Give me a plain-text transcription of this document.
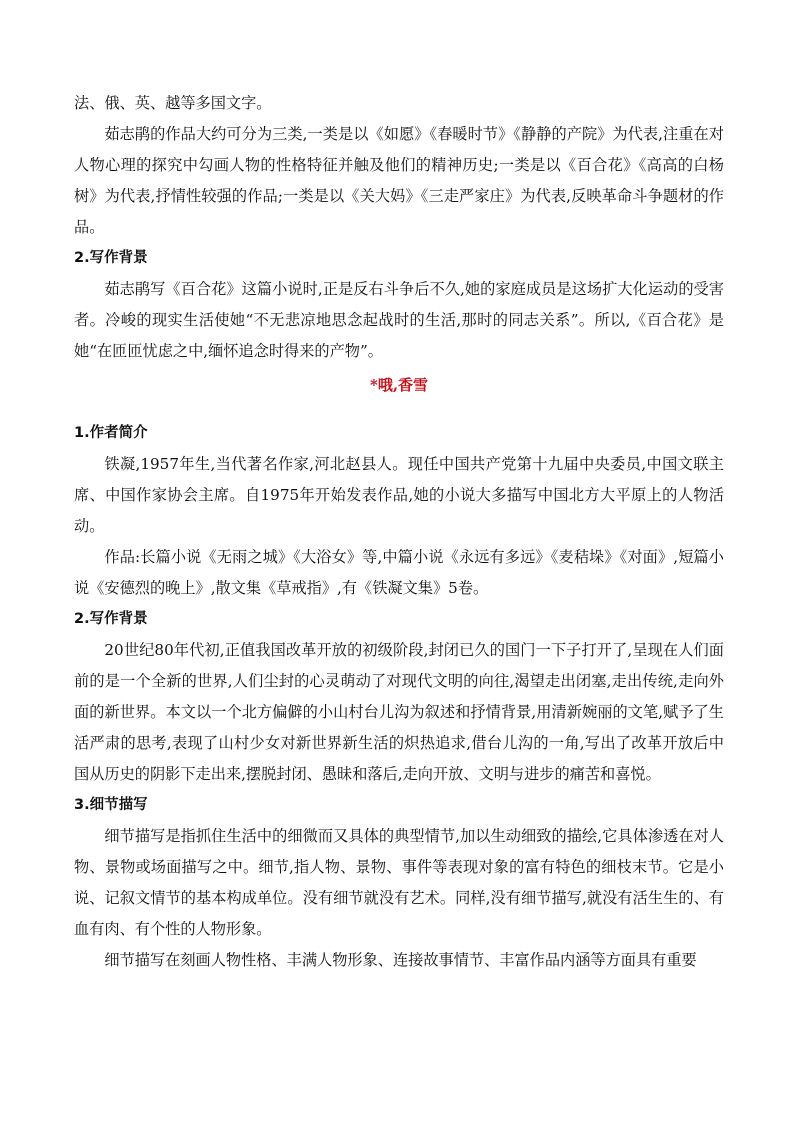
法、俄、英、越等多国文字。

茹志鹃的作品大约可分为三类,一类是以《如愿》《春暖时节》《静静的产院》为代表,注重在对人物心理的探究中勾画人物的性格特征并触及他们的精神历史;一类是以《百合花》《高高的白杨树》为代表,抒情性较强的作品;一类是以《关大妈》《三走严家庄》为代表,反映革命斗争题材的作品。

2.写作背景

茹志鹃写《百合花》这篇小说时,正是反右斗争后不久,她的家庭成员是这场扩大化运动的受害者。冷峻的现实生活使她“不无悲凉地思念起战时的生活,那时的同志关系”。所以,《百合花》是她“在匝匝忧虑之中,缅怀追念时得来的产物”。

*哦,香雪
1.作者简介

铁凝,1957年生,当代著名作家,河北赵县人。现任中国共产党第十九届中央委员,中国文联主席、中国作家协会主席。自1975年开始发表作品,她的小说大多描写中国北方大平原上的人物活动。

作品:长篇小说《无雨之城》《大浴女》等,中篇小说《永远有多远》《麦秸垛》《对面》,短篇小说《安德烈的晚上》,散文集《草戒指》,有《铁凝文集》5卷。

2.写作背景

20世纪80年代初,正值我国改革开放的初级阶段,封闭已久的国门一下子打开了,呈现在人们面前的是一个全新的世界,人们尘封的心灵萌动了对现代文明的向往,渴望走出闭塞,走出传统,走向外面的新世界。本文以一个北方偏僻的小山村台儿沟为叙述和抒情背景,用清新婉丽的文笔,赋予了生活严肃的思考,表现了山村少女对新世界新生活的炽热追求,借台儿沟的一角,写出了改革开放后中国从历史的阴影下走出来,摆脱封闭、愚昧和落后,走向开放、文明与进步的痛苦和喜悦。

3.细节描写

细节描写是指抓住生活中的细微而又具体的典型情节,加以生动细致的描绘,它具体渗透在对人物、景物或场面描写之中。细节,指人物、景物、事件等表现对象的富有特色的细枝末节。它是小说、记叙文情节的基本构成单位。没有细节就没有艺术。同样,没有细节描写,就没有活生生的、有血有肉、有个性的人物形象。

细节描写在刻画人物性格、丰满人物形象、连接故事情节、丰富作品内涵等方面具有重要
